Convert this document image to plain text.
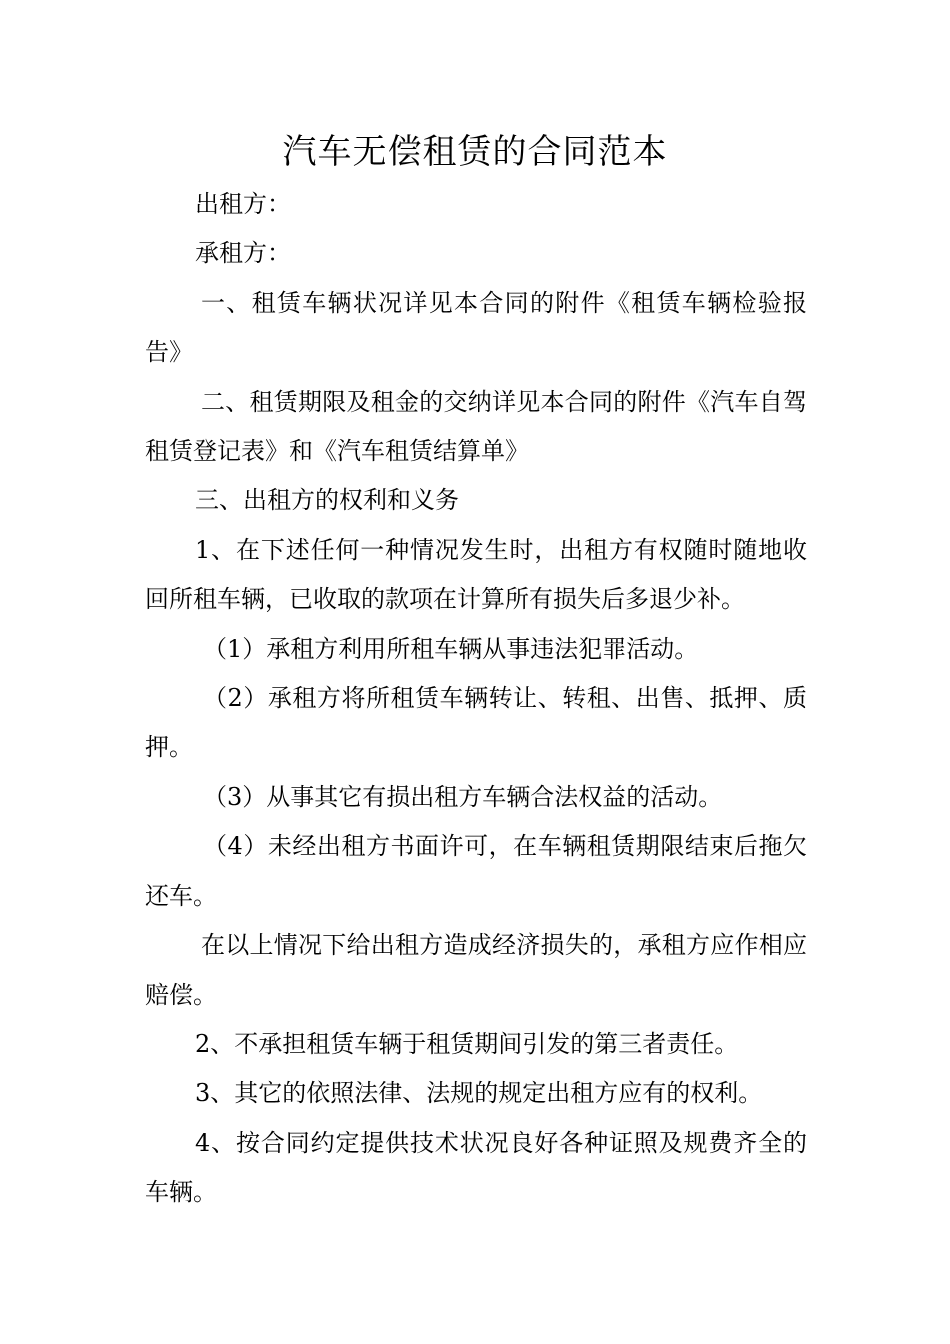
汽车无偿租赁的合同范本

出租方：

承租方：

一、租赁车辆状况详见本合同的附件《租赁车辆检验报告》

二、租赁期限及租金的交纳详见本合同的附件《汽车自驾租赁登记表》和《汽车租赁结算单》

三、出租方的权利和义务

1、在下述任何一种情况发生时，出租方有权随时随地收回所租车辆，已收取的款项在计算所有损失后多退少补。

（1）承租方利用所租车辆从事违法犯罪活动。

（2）承租方将所租赁车辆转让、转租、出售、抵押、质押。

（3）从事其它有损出租方车辆合法权益的活动。

（4）未经出租方书面许可，在车辆租赁期限结束后拖欠还车。

在以上情况下给出租方造成经济损失的，承租方应作相应赔偿。

2、不承担租赁车辆于租赁期间引发的第三者责任。

3、其它的依照法律、法规的规定出租方应有的权利。

4、按合同约定提供技术状况良好各种证照及规费齐全的车辆。
